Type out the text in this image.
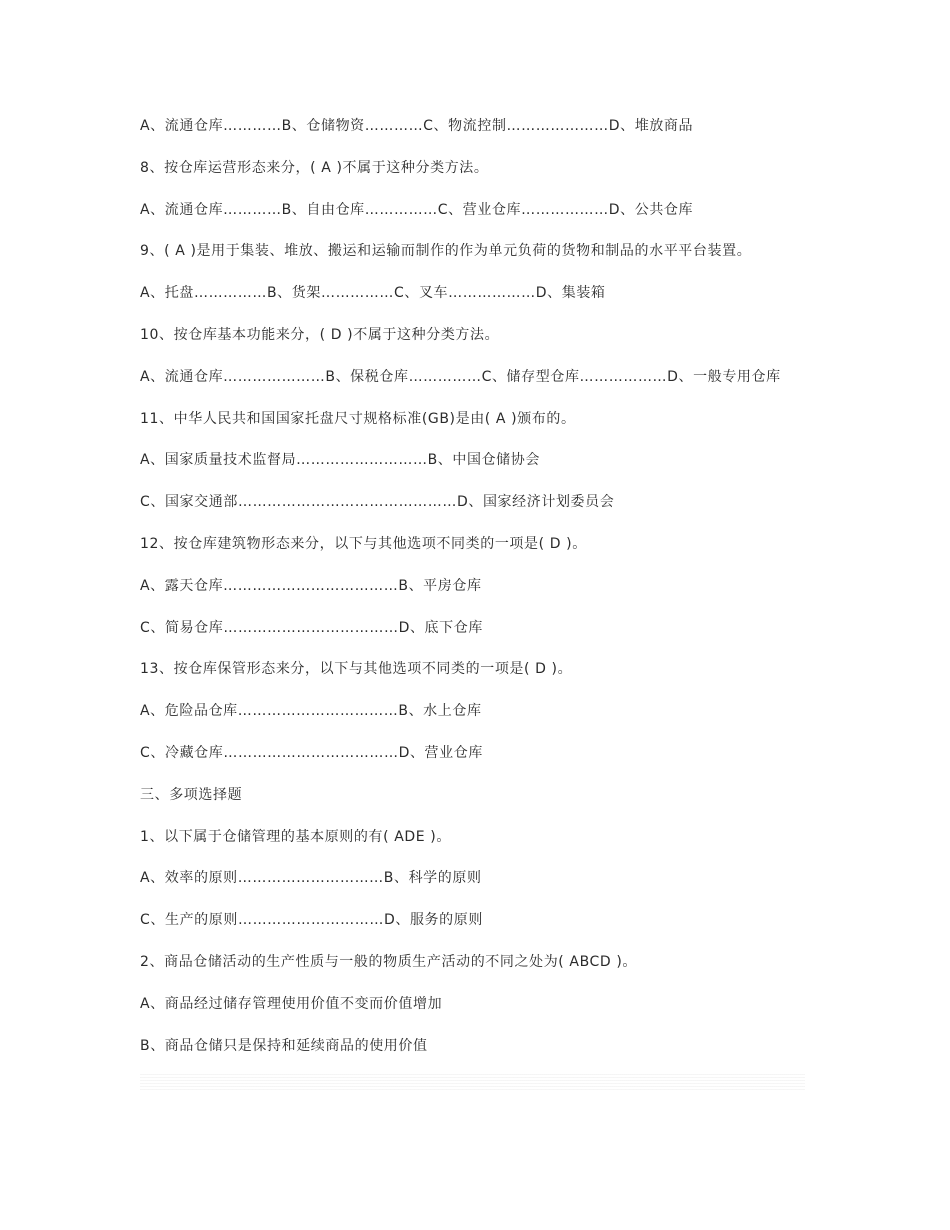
A、流通仓库…………B、仓储物资…………C、物流控制…………………D、堆放商品
8、按仓库运营形态来分，( A )不属于这种分类方法。
A、流通仓库…………B、自由仓库……………C、营业仓库………………D、公共仓库
9、( A )是用于集装、堆放、搬运和运输而制作的作为单元负荷的货物和制品的水平平台装置。
A、托盘……………B、货架……………C、叉车………………D、集装箱
10、按仓库基本功能来分，( D )不属于这种分类方法。
A、流通仓库…………………B、保税仓库……………C、储存型仓库………………D、一般专用仓库
11、中华人民共和国国家托盘尺寸规格标准(GB)是由( A )颁布的。
A、国家质量技术监督局………………………B、中国仓储协会
C、国家交通部………………………………………D、国家经济计划委员会
12、按仓库建筑物形态来分，以下与其他选项不同类的一项是( D )。
A、露天仓库………………………………B、平房仓库
C、简易仓库………………………………D、底下仓库
13、按仓库保管形态来分，以下与其他选项不同类的一项是( D )。
A、危险品仓库……………………………B、水上仓库
C、冷藏仓库………………………………D、营业仓库
三、多项选择题
1、以下属于仓储管理的基本原则的有( ADE )。
A、效率的原则…………………………B、科学的原则
C、生产的原则…………………………D、服务的原则
2、商品仓储活动的生产性质与一般的物质生产活动的不同之处为( ABCD )。
A、商品经过储存管理使用价值不变而价值增加
B、商品仓储只是保持和延续商品的使用价值
